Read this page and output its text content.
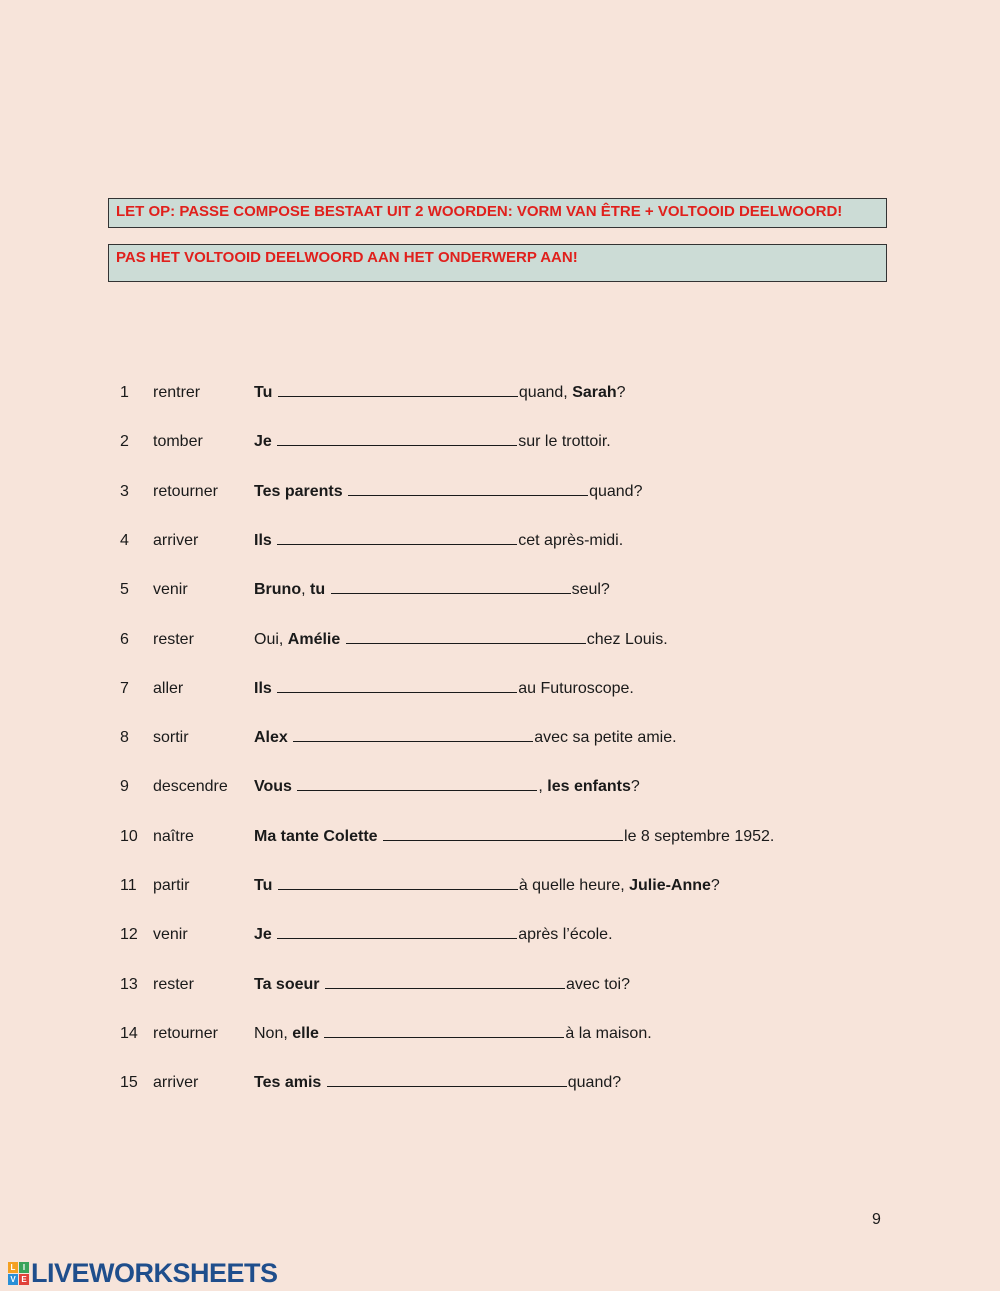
LET OP: PASSE COMPOSE BESTAAT UIT 2 WOORDEN: VORM VAN ÊTRE + VOLTOOID DEELWOORD!
PAS HET VOLTOOID DEELWOORD AAN HET ONDERWERP AAN!
1	rentrer	Tu	quand, Sarah?
2	tomber	Je	sur le trottoir.
3	retourner	Tes parents	quand?
4	arriver	Ils	cet après-midi.
5	venir	Bruno, tu	seul?
6	rester	Oui, Amélie	chez Louis.
7	aller	Ils	au Futuroscope.
8	sortir	Alex	avec sa petite amie.
9	descendre	Vous	, les enfants?
10 naître	Ma tante Colette	le 8 septembre 1952.
11	partir	Tu	à quelle heure, Julie-Anne?
12 venir	Je	après l’école.
13 rester	Ta soeur	avec toi?
14 retourner	Non, elle	à la maison.
15 arriver	Tes amis	quand?
9
L I
V E LIVEWORKSHEETS
